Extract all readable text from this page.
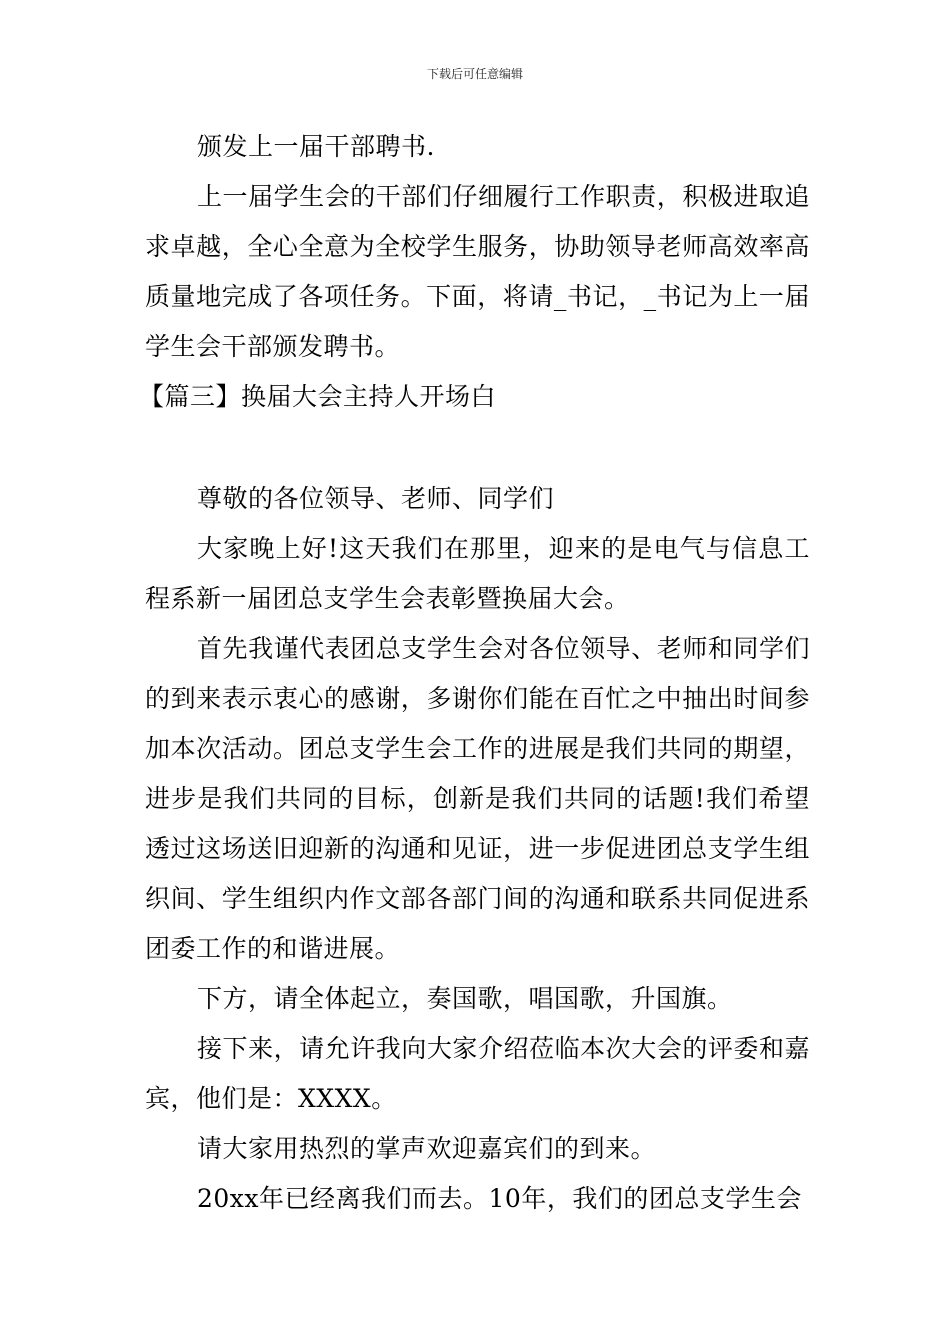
下载后可任意编辑

颁发上一届干部聘书.

上一届学生会的干部们仔细履行工作职责，积极进取追求卓越，全心全意为全校学生服务，协助领导老师高效率高质量地完成了各项任务。下面，将请_书记，_书记为上一届学生会干部颁发聘书。

【篇三】换届大会主持人开场白

尊敬的各位领导、老师、同学们

大家晚上好!这天我们在那里，迎来的是电气与信息工程系新一届团总支学生会表彰暨换届大会。

首先我谨代表团总支学生会对各位领导、老师和同学们的到来表示衷心的感谢，多谢你们能在百忙之中抽出时间参加本次活动。团总支学生会工作的进展是我们共同的期望，进步是我们共同的目标，创新是我们共同的话题!我们希望透过这场送旧迎新的沟通和见证，进一步促进团总支学生组织间、学生组织内作文部各部门间的沟通和联系共同促进系团委工作的和谐进展。

下方，请全体起立，奏国歌，唱国歌，升国旗。

接下来，请允许我向大家介绍莅临本次大会的评委和嘉宾，他们是：XXXX。

请大家用热烈的掌声欢迎嘉宾们的到来。

20xx年已经离我们而去。10年，我们的团总支学生会
